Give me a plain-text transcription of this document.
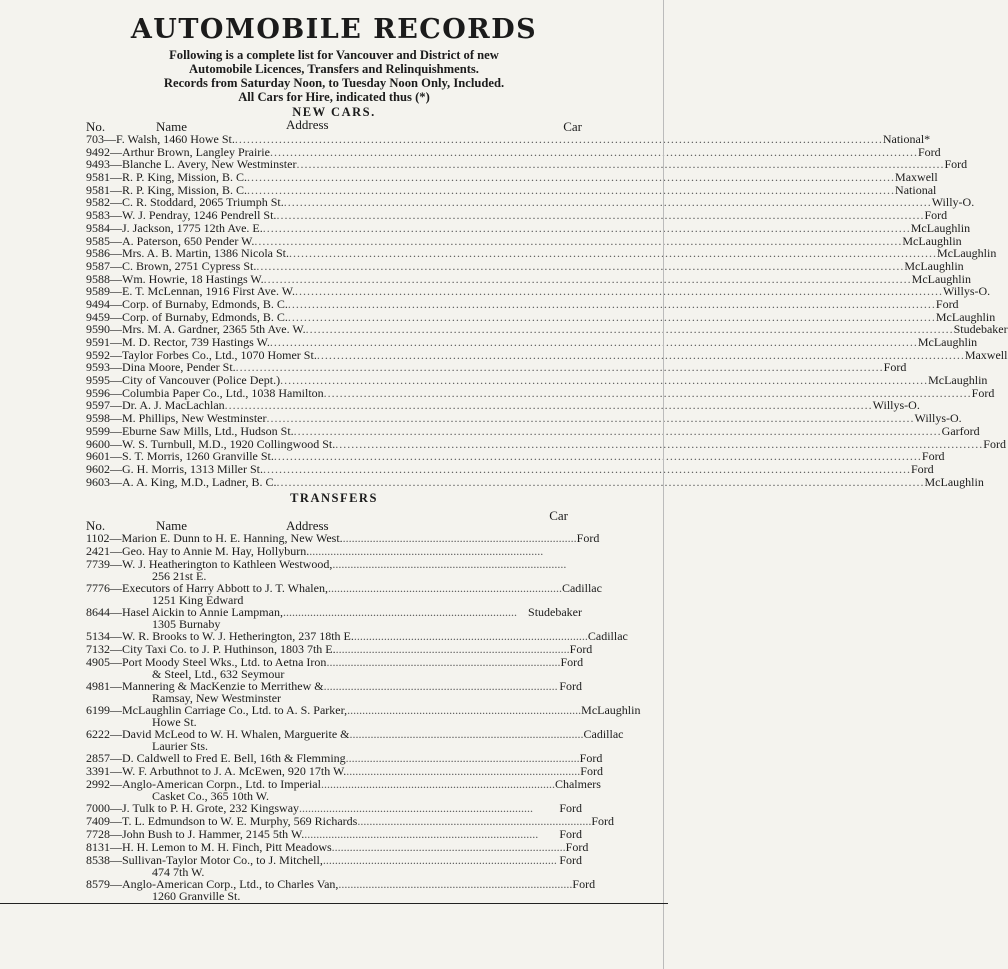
AUTOMOBILE RECORDS
Following is a complete list for Vancouver and District of new
Automobile Licences, Transfers and Relinquishments.
Records from Saturday Noon, to Tuesday Noon Only, Included.
All Cars for Hire, indicated thus (*)
NEW CARS.
No.	Name	Car
Address
703—F. Walsh, 1460 Howe St. .....	National*
9492—Arthur Brown, Langley Prairie .....	Ford
9493—Blanche L. Avery, New Westminster .....	Ford
9581—R. P. King, Mission, B. C. .....	Maxwell
9581—R. P. King, Mission, B. C. .....	National
9582—C. R. Stoddard, 2065 Triumph St. .....	Willy-O.
9583—W. J. Pendray, 1246 Pendrell St. .....	Ford
9584—J. Jackson, 1775 12th Ave. E. .....	McLaughlin
9585—A. Paterson, 650 Pender W. .....	McLaughlin
9586—Mrs. A. B. Martin, 1386 Nicola St. .....	McLaughlin
9587—C. Brown, 2751 Cypress St. .....	McLaughlin
9588—Wm. Howrie, 18 Hastings W. .....	McLaughlin
9589—E. T. McLennan, 1916 First Ave. W. .....	Willys-O.
9494—Corp. of Burnaby, Edmonds, B. C. .....	Ford
9459—Corp. of Burnaby, Edmonds, B. C. .....	McLaughlin
9590—Mrs. M. A. Gardner, 2365 5th Ave. W. .....	Studebaker
9591—M. D. Rector, 739 Hastings W. .....	McLaughlin
9592—Taylor Forbes Co., Ltd., 1070 Homer St. .....	Maxwell
9593—Dina Moore, Pender St. .....	Ford
9595—City of Vancouver (Police Dept.) .....	McLaughlin
9596—Columbia Paper Co., Ltd., 1038 Hamilton .....	Ford
9597—Dr. A. J. MacLachlan .....	Willys-O.
9598—M. Phillips, New Westminster .....	Willys-O.
9599—Eburne Saw Mills, Ltd., Hudson St. .....	Garford
9600—W. S. Turnbull, M.D., 1920 Collingwood St. .....	Ford
9601—S. T. Morris, 1260 Granville St. .....	Ford
9602—G. H. Morris, 1313 Miller St. .....	Ford
9603—A. A. King, M.D., Ladner, B. C. .....	McLaughlin
TRANSFERS
No.	Name	Address
Car
1102—Marion E. Dunn to H. E. Hanning, New West. .............................................................................. Ford
2421—Geo. Hay to Annie M. Hay, Hollyburn. ..............................................................................
7739—W. J. Heatherington to Kathleen Westwood, ..............................................................................
256 21st E.
7776—Executors of Harry Abbott to J. T. Whalen, .............................................................................. Cadillac
1251 King Edward
8644—Hasel Aickin to Annie Lampman, .............................................................................. Studebaker
1305 Burnaby
5134—W. R. Brooks to W. J. Hetherington, 237 18th E. .............................................................................. Cadillac
7132—City Taxi Co. to J. P. Huthinson, 1803 7th E. .............................................................................. Ford
4905—Port Moody Steel Wks., Ltd. to Aetna Iron .............................................................................. Ford
& Steel, Ltd., 632 Seymour
4981—Mannering & MacKenzie to Merrithew & .............................................................................. Ford
Ramsay, New Westminster
6199—McLaughlin Carriage Co., Ltd. to A. S. Parker, .............................................................................. McLaughlin
Howe St.
6222—David McLeod to W. H. Whalen, Marguerite & .............................................................................. Cadillac
Laurier Sts.
2857—D. Caldwell to Fred E. Bell, 16th & Flemming .............................................................................. Ford
3391—W. F. Arbuthnot to J. A. McEwen, 920 17th W. .............................................................................. Ford
2992—Anglo-American Corpn., Ltd. to Imperial .............................................................................. Chalmers
Casket Co., 365 10th W.
7000—J. Tulk to P. H. Grote, 232 Kingsway ..............................................................................	Ford
7409—T. L. Edmundson to W. E. Murphy, 569 Richards .............................................................................. Ford
7728—John Bush to J. Hammer, 2145 5th W. ..............................................................................	Ford
8131—H. H. Lemon to M. H. Finch, Pitt Meadows .............................................................................. Ford
8538—Sullivan-Taylor Motor Co., to J. Mitchell, .............................................................................. Ford
474 7th W.
8579—Anglo-American Corp., Ltd., to Charles Van, .............................................................................. Ford
1260 Granville St.
